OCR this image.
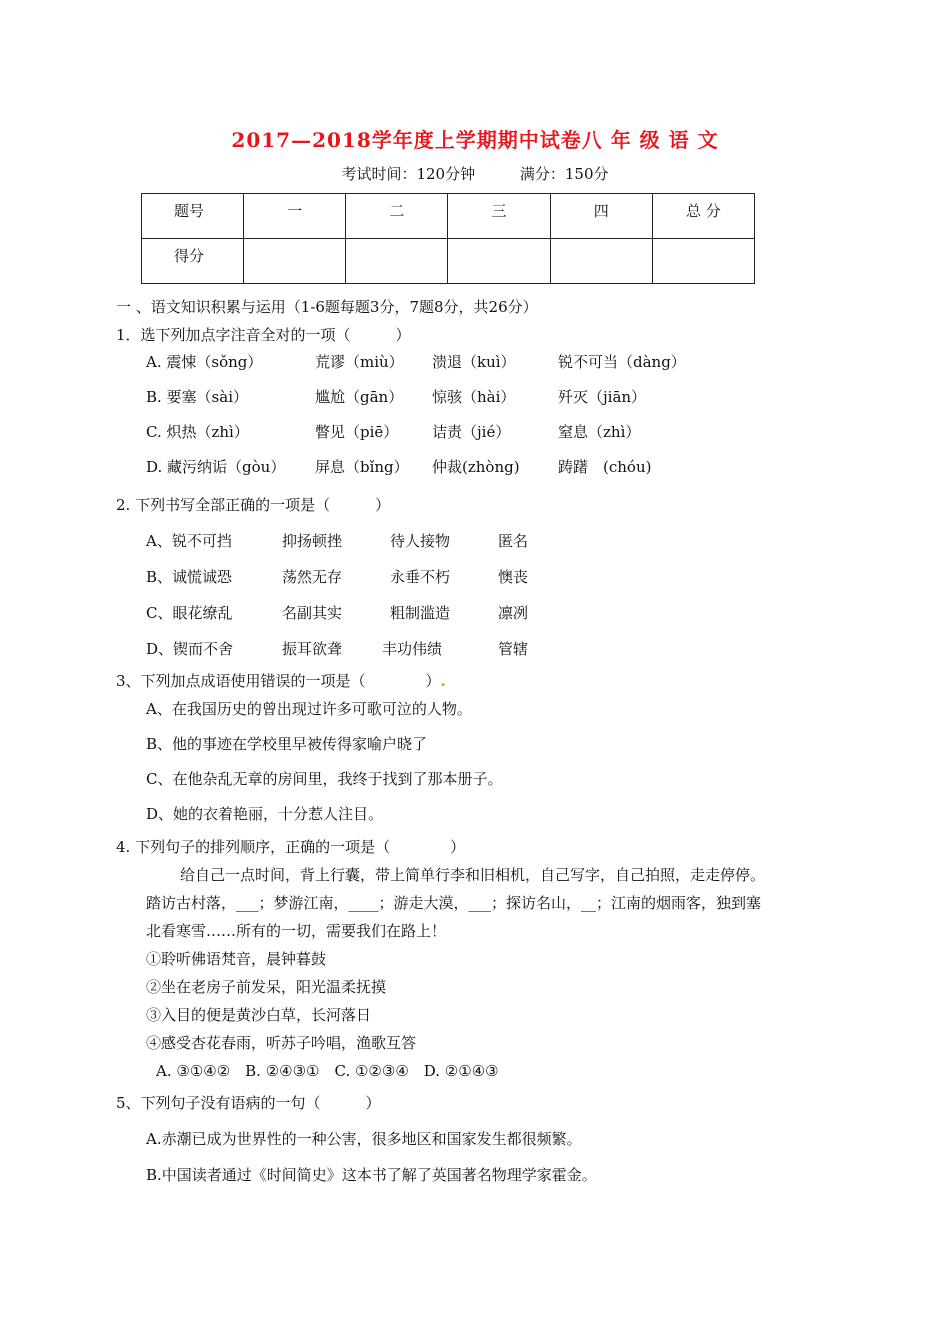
2017—2018学年度上学期期中试卷八 年 级 语 文
考试时间：120分钟	满分：150分
题号	一	二	三	四	总 分
得分					
一 、语文知识积累与运用（1-6题每题3分，7题8分，共26分）
1．选下列加点字注音全对的一项（　　　）
A. 震悚（sǒng）	荒谬（miù） 溃退（kuì）	锐不可当（dàng）
B. 要塞（sài）	尴尬（gān） 惊骇（hài）	歼灭（jiān）
C. 炽热（zhì）	瞥见（piē） 诘责（jié）	窒息（zhì）
D. 藏污纳诟（gòu） 屏息（bǐng） 仲裁(zhòng)	踌躇　(chóu)
2. 下列书写全部正确的一项是（　　　）
A、锐不可挡	抑扬顿挫	待人接物	匿名
B、诚慌诚恐	荡然无存	永垂不朽	懊丧
C、眼花缭乱	名副其实	粗制滥造	凛冽
D、锲而不舍	振耳欲聋	丰功伟绩	管辖
3、下列加点成语使用错误的一项是（　　　　）.
A、在我国历史的曾出现过许多可歌可泣的人物。
B、他的事迹在学校里早被传得家喻户晓了
C、在他杂乱无章的房间里，我终于找到了那本册子。
D、她的衣着艳丽，十分惹人注目。
4. 下列句子的排列顺序，正确的一项是（　　　　）
给自己一点时间，背上行囊，带上简单行李和旧相机，自己写字，自己拍照，走走停停。
踏访古村落，___；梦游江南，____；游走大漠，___；探访名山，__；江南的烟雨客，独到塞
北看寒雪……所有的一切，需要我们在路上！
①聆听佛语梵音，晨钟暮鼓
②坐在老房子前发呆，阳光温柔抚摸
③入目的便是黄沙白草，长河落日
④感受杏花春雨，听苏子吟唱，渔歌互答
A. ③①④②　B. ②④③①　C. ①②③④　D. ②①④③
5、下列句子没有语病的一句（　　　）
A.赤潮已成为世界性的一种公害，很多地区和国家发生都很频繁。
B.中国读者通过《时间简史》这本书了解了英国著名物理学家霍金。
